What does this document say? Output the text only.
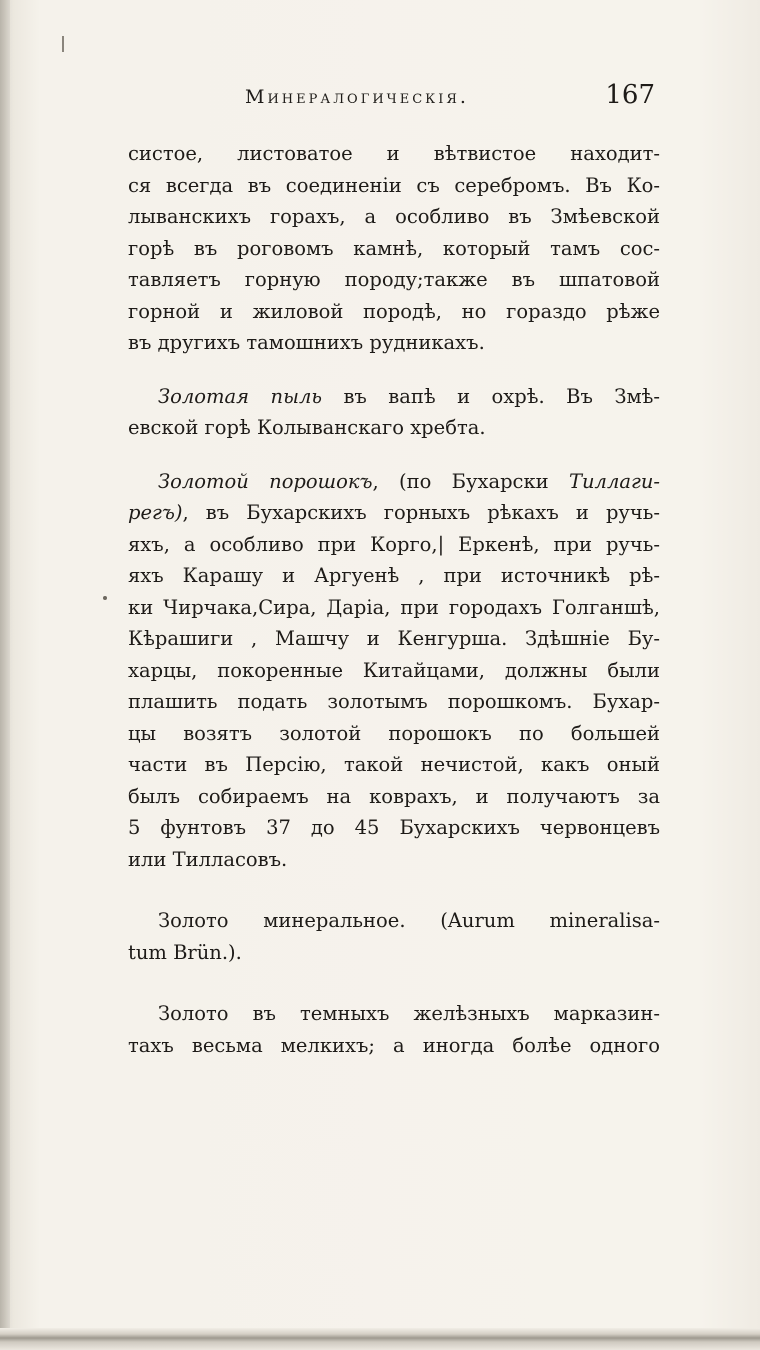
Минералогическія.	167
систое, листоватое и вѣтвистое находит-
ся всегда въ соединеніи съ серебромъ. Въ Ко-
лыванскихъ горахъ, а особливо въ Змѣевской
горѣ въ роговомъ камнѣ, который тамъ сос-
тавляетъ горную породу;также въ шпатовой
горной и жиловой породѣ, но гораздо рѣже
въ другихъ тамошнихъ рудникахъ.
Золотая пыль въ вапѣ и охрѣ. Въ Змѣ-
евской горѣ Колыванскаго хребта.
Золотой порошокъ, (по Бухарски Тиллаги-
регъ), въ Бухарскихъ горныхъ рѣкахъ и ручь-
яхъ, а особливо при Корго,| Еркенѣ, при ручь-
яхъ Карашу и Аргуенѣ , при источникѣ рѣ-
ки Чирчака,Сира, Даріа, при городахъ Голганшѣ,
Кѣрашиги , Машчу и Кенгурша. Здѣшніе Бу-
харцы, покоренные Китайцами, должны были
плашить подать золотымъ порошкомъ. Бухар-
цы возятъ золотой порошокъ по большей
части въ Персію, такой нечистой, какъ оный
былъ собираемъ на коврахъ, и получаютъ за
5 фунтовъ 37 до 45 Бухарскихъ червонцевъ
или Тилласовъ.
Золото минеральное. (Aurum mineralisa-
tum Brün.).
Золото въ темныхъ желѣзныхъ марказин-
тахъ весьма мелкихъ; а иногда болѣе одного
